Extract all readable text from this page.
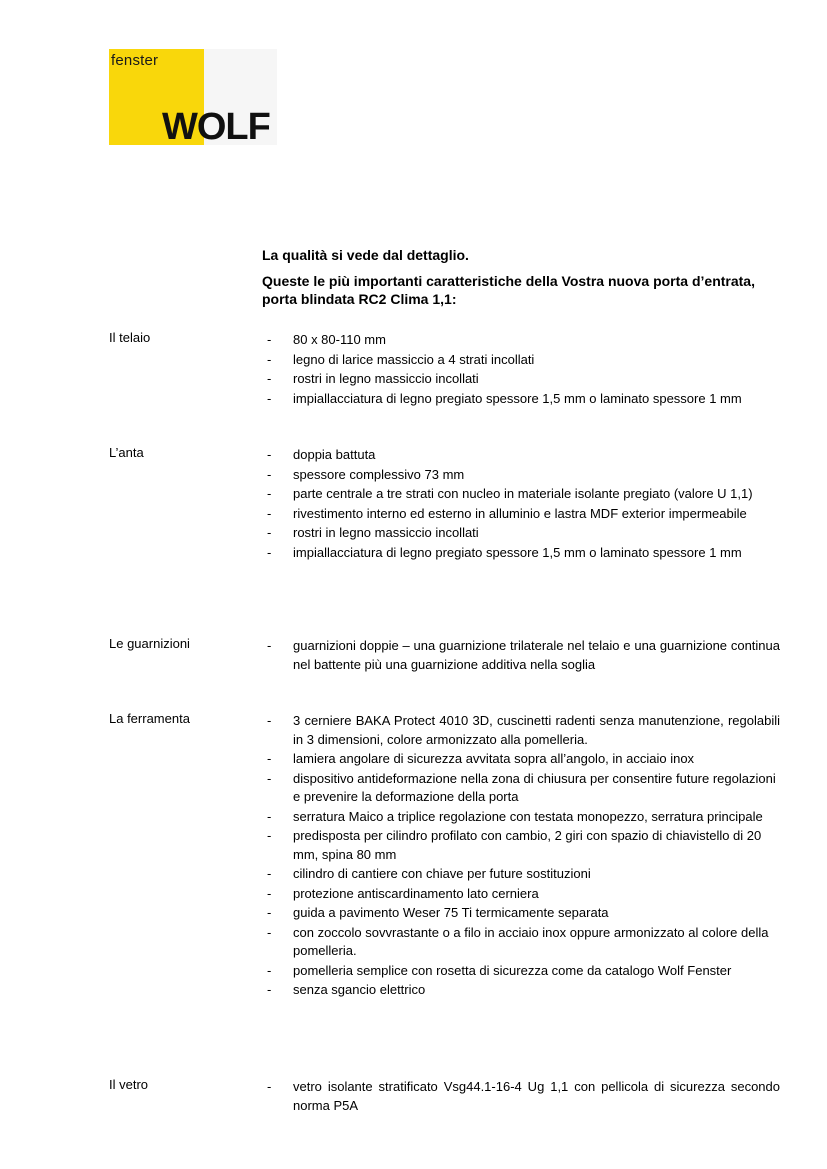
fenster
WOLF
La qualità si vede dal dettaglio.
Queste le più importanti caratteristiche della Vostra nuova porta d’entrata, porta blindata RC2 Clima 1,1:
Il telaio	- 80 x 80-110 mm
- legno di larice massiccio a 4 strati incollati
- rostri in legno massiccio incollati
- impiallacciatura di legno pregiato spessore 1,5 mm o laminato spessore 1 mm
L’anta	- doppia battuta
- spessore complessivo 73 mm
- parte centrale a tre strati con nucleo in materiale isolante pregiato (valore U 1,1)
- rivestimento interno ed esterno in alluminio e lastra MDF exterior impermeabile
- rostri in legno massiccio incollati
- impiallacciatura di legno pregiato spessore 1,5 mm o laminato spessore 1 mm
Le guarnizioni	- guarnizioni doppie – una guarnizione trilaterale nel telaio e una guarnizione continua nel battente più una guarnizione additiva nella soglia
La ferramenta	- 3 cerniere BAKA Protect 4010 3D, cuscinetti radenti senza manutenzione, regolabili in 3 dimensioni, colore armonizzato alla pomelleria.
- lamiera angolare di sicurezza avvitata sopra all’angolo, in acciaio inox
- dispositivo antideformazione nella zona di chiusura per consentire future regolazioni e prevenire la deformazione della porta
- serratura Maico a triplice regolazione con testata monopezzo, serratura principale
- predisposta per cilindro profilato con cambio, 2 giri con spazio di chiavistello di 20 mm, spina 80 mm
- cilindro di cantiere con chiave per future sostituzioni
- protezione antiscardinamento lato cerniera
- guida a pavimento Weser 75 Ti termicamente separata
- con zoccolo sovvrastante o a filo in acciaio inox oppure armonizzato al colore della pomelleria.
- pomelleria semplice con rosetta di sicurezza come da catalogo Wolf Fenster
- senza sgancio elettrico
Il vetro	- vetro isolante stratificato Vsg44.1-16-4 Ug 1,1 con pellicola di sicurezza secondo norma P5A
